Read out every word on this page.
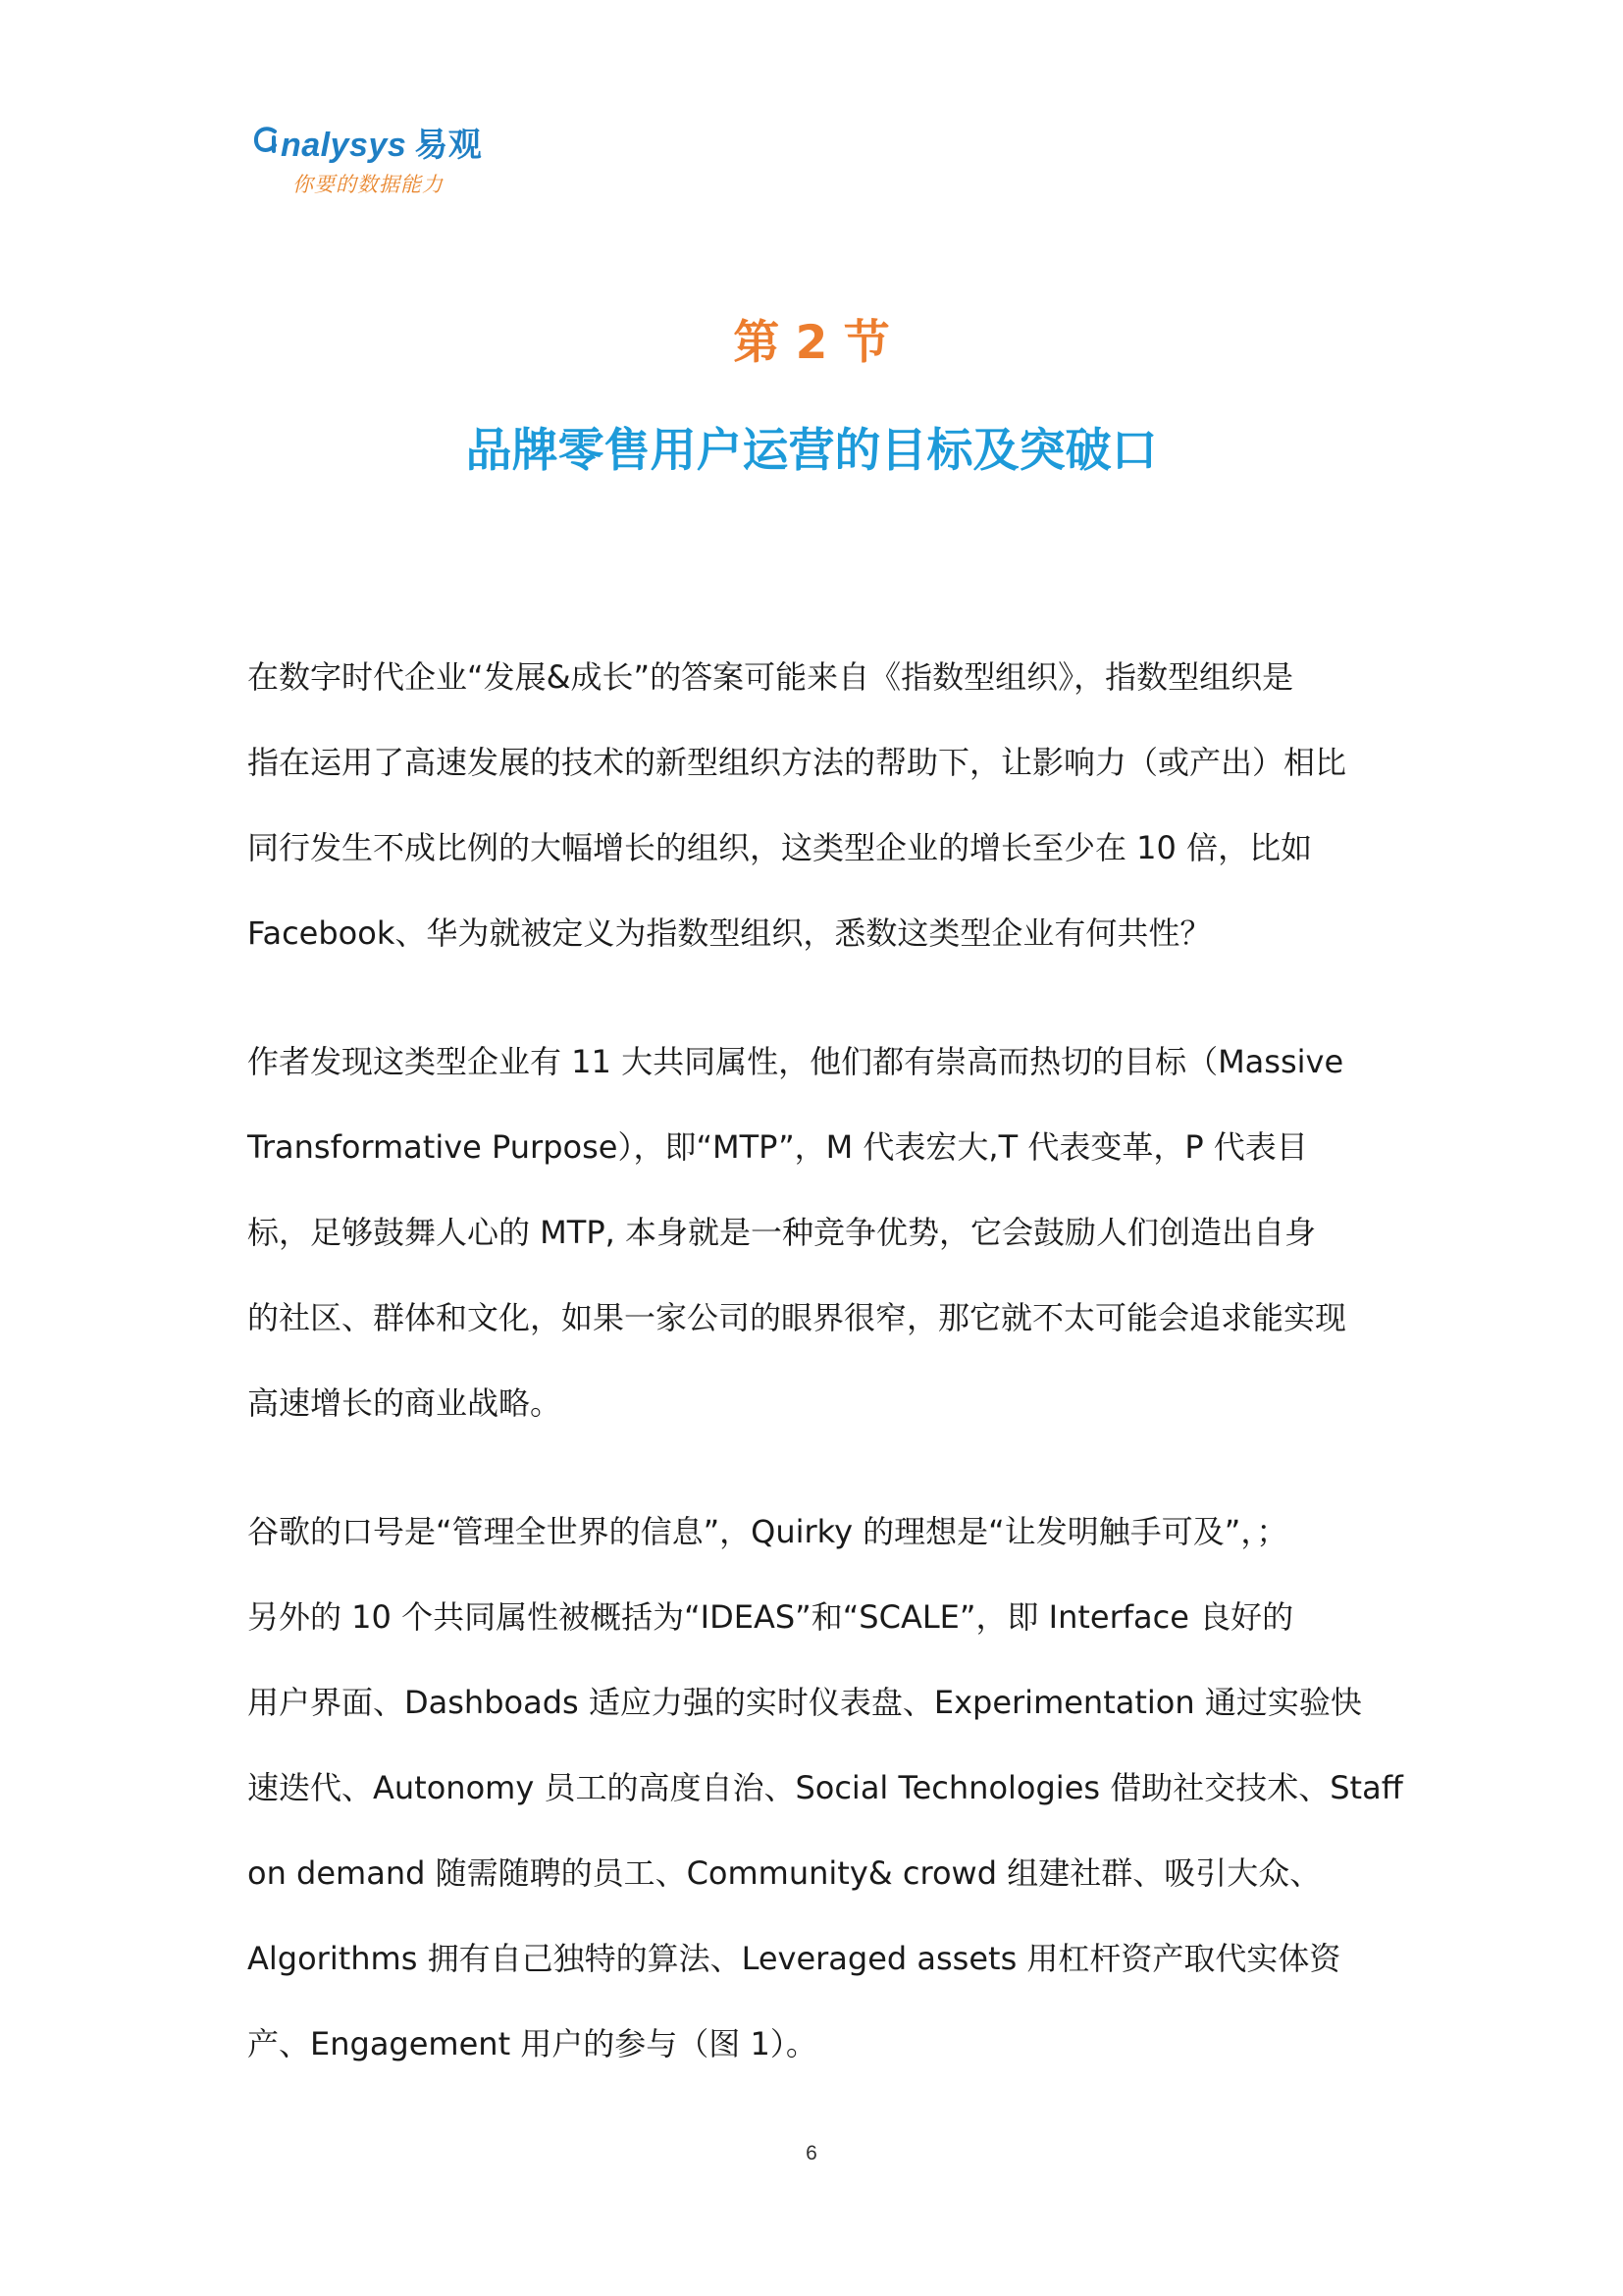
nalysys 易观
你要的数据能力
第 2 节
品牌零售用户运营的目标及突破口
在数字时代企业“发展&成长”的答案可能来自《指数型组织》，指数型组织是
指在运用了高速发展的技术的新型组织方法的帮助下，让影响力（或产出）相比
同行发生不成比例的大幅增长的组织，这类型企业的增长至少在 10 倍，比如
Facebook、华为就被定义为指数型组织，悉数这类型企业有何共性？
作者发现这类型企业有 11 大共同属性，他们都有崇高而热切的目标（Massive
Transformative Purpose），即“MTP”，M 代表宏大,T 代表变革，P 代表目
标，足够鼓舞人心的 MTP, 本身就是一种竞争优势，它会鼓励人们创造出自身
的社区、群体和文化，如果一家公司的眼界很窄，那它就不太可能会追求能实现
高速增长的商业战略。
谷歌的口号是“管理全世界的信息”，Quirky 的理想是“让发明触手可及”，；
另外的 10 个共同属性被概括为“IDEAS”和“SCALE”，即 Interface 良好的
用户界面、Dashboads 适应力强的实时仪表盘、Experimentation 通过实验快
速迭代、Autonomy 员工的高度自治、Social Technologies 借助社交技术、Staff
on demand 随需随聘的员工、Community& crowd 组建社群、吸引大众、
Algorithms 拥有自己独特的算法、Leveraged assets 用杠杆资产取代实体资
产、Engagement 用户的参与（图 1）。
6
